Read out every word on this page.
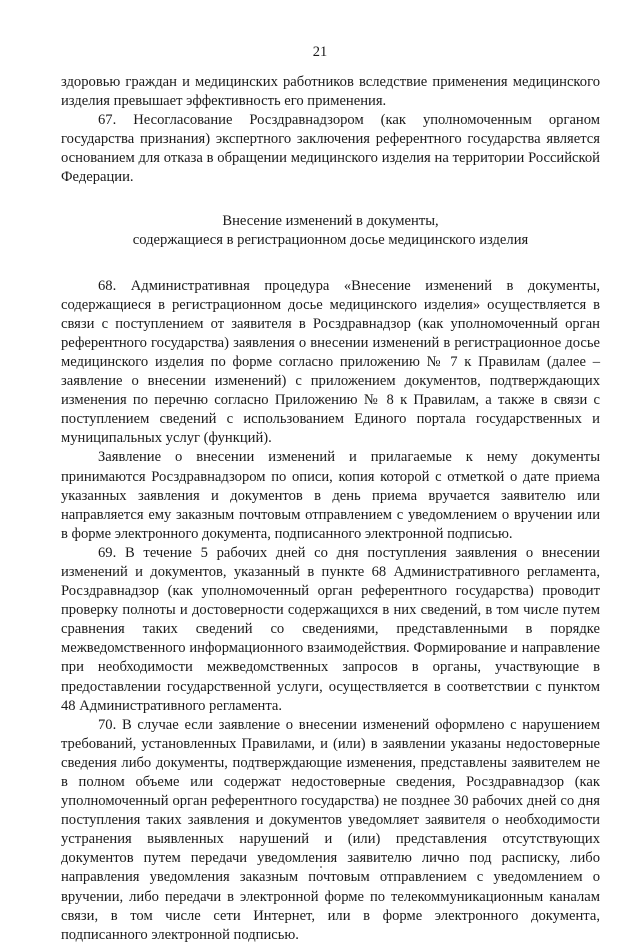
21

здоровью граждан и медицинских работников вследствие применения медицинского изделия превышает эффективность его применения.

67. Несогласование Росздравнадзором (как уполномоченным органом государства признания) экспертного заключения референтного государства является основанием для отказа в обращении медицинского изделия на территории Российской Федерации.

Внесение изменений в документы,
содержащиеся в регистрационном досье медицинского изделия

68. Административная процедура «Внесение изменений в документы, содержащиеся в регистрационном досье медицинского изделия» осуществляется в связи с поступлением от заявителя в Росздравнадзор (как уполномоченный орган референтного государства) заявления о внесении изменений в регистрационное досье медицинского изделия по форме согласно приложению № 7 к Правилам (далее – заявление о внесении изменений) с приложением документов, подтверждающих изменения по перечню согласно Приложению № 8 к Правилам, а также в связи с поступлением сведений с использованием Единого портала государственных и муниципальных услуг (функций).

Заявление о внесении изменений и прилагаемые к нему документы принимаются Росздравнадзором по описи, копия которой с отметкой о дате приема указанных заявления и документов в день приема вручается заявителю или направляется ему заказным почтовым отправлением с уведомлением о вручении или в форме электронного документа, подписанного электронной подписью.

69. В течение 5 рабочих дней со дня поступления заявления о внесении изменений и документов, указанный в пункте 68 Административного регламента, Росздравнадзор (как уполномоченный орган референтного государства) проводит проверку полноты и достоверности содержащихся в них сведений, в том числе путем сравнения таких сведений со сведениями, представленными в порядке межведомственного информационного взаимодействия. Формирование и направление при необходимости межведомственных запросов в органы, участвующие в предоставлении государственной услуги, осуществляется в соответствии с пунктом 48 Административного регламента.

70. В случае если заявление о внесении изменений оформлено с нарушением требований, установленных Правилами, и (или) в заявлении указаны недостоверные сведения либо документы, подтверждающие изменения, представлены заявителем не в полном объеме или содержат недостоверные сведения, Росздравнадзор (как уполномоченный орган референтного государства) не позднее 30 рабочих дней со дня поступления таких заявления и документов уведомляет заявителя о необходимости устранения выявленных нарушений и (или) представления отсутствующих документов путем передачи уведомления заявителю лично под расписку, либо направления уведомления заказным почтовым отправлением с уведомлением о вручении, либо передачи в электронной форме по телекоммуникационным каналам связи, в том числе сети Интернет, или в форме электронного документа, подписанного электронной подписью.
